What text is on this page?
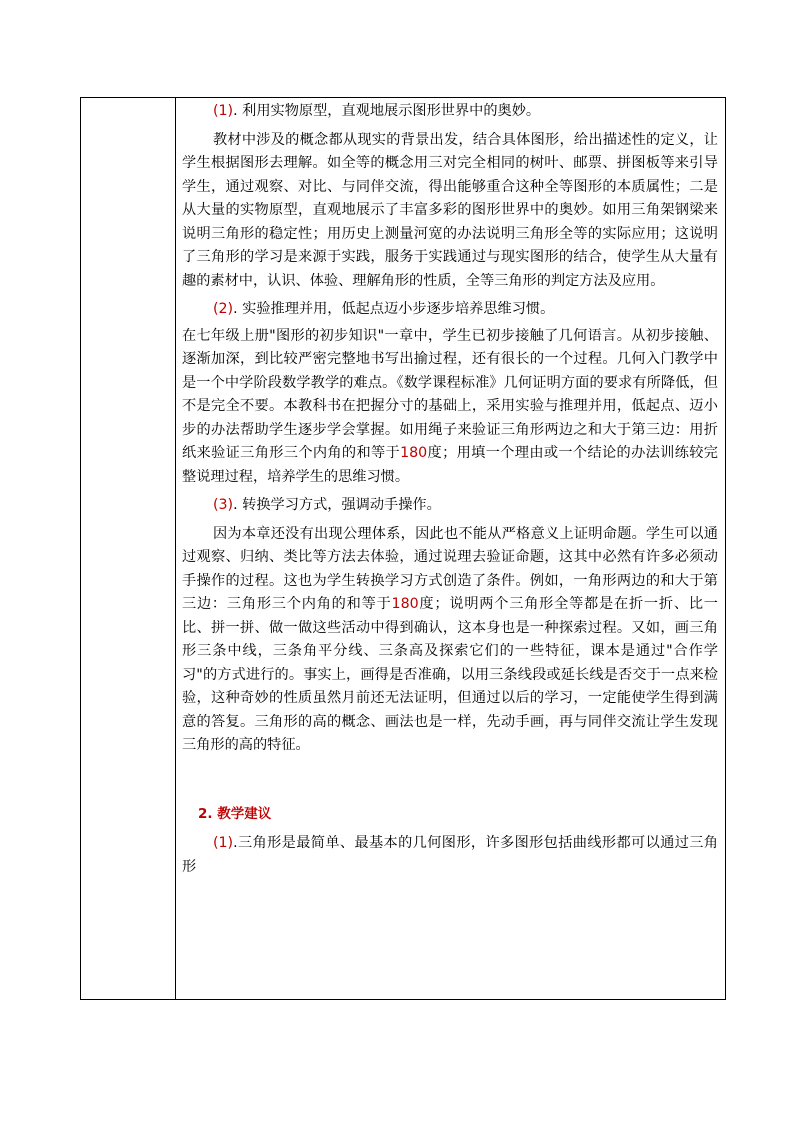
(1). 利用实物原型，直观地展示图形世界中的奥妙。

教材中涉及的概念都从现实的背景出发，结合具体图形，给出描述性的定义，让学生根据图形去理解。如全等的概念用三对完全相同的树叶、邮票、拼图板等来引导学生，通过观察、对比、与同伴交流，得出能够重合这种全等图形的本质属性；二是从大量的实物原型，直观地展示了丰富多彩的图形世界中的奥妙。如用三角架钢梁来说明三角形的稳定性；用历史上测量河宽的办法说明三角形全等的实际应用；这说明了三角形的学习是来源于实践，服务于实践通过与现实图形的结合，使学生从大量有趣的素材中，认识、体验、理解角形的性质，全等三角形的判定方法及应用。

(2). 实验推理并用，低起点迈小步逐步培养思维习惯。

在七年级上册"图形的初步知识"一章中，学生已初步接触了几何语言。从初步接触、逐渐加深，到比较严密完整地书写出揄过程，还有很长的一个过程。几何入门教学中是一个中学阶段数学教学的难点。《数学课程标准》几何证明方面的要求有所降低，但不是完全不要。本教科书在把握分寸的基础上，采用实验与推理并用，低起点、迈小步的办法帮助学生逐步学会掌握。如用绳子来验证三角形两边之和大于第三边：用折纸来验证三角形三个内角的和等于180度；用填一个理由或一个结论的办法训练较完整说理过程，培养学生的思维习惯。

(3). 转换学习方式，强调动手操作。

因为本章还没有出现公理体系，因此也不能从严格意义上证明命题。学生可以通过观察、归纳、类比等方法去体验，通过说理去验证命题，这其中必然有许多必须动手操作的过程。这也为学生转换学习方式创造了条件。例如，一角形两边的和大于第三边：三角形三个内角的和等于180度；说明两个三角形全等都是在折一折、比一比、拼一拼、做一做这些活动中得到确认，这本身也是一种探索过程。又如，画三角形三条中线，三条角平分线、三条高及探索它们的一些特征，课本是通过"合作学习"的方式进行的。事实上，画得是否准确，以用三条线段或延长线是否交于一点来检验，这种奇妙的性质虽然月前还无法证明，但通过以后的学习，一定能使学生得到满意的答复。三角形的高的概念、画法也是一样，先动手画，再与同伴交流让学生发现三角形的高的特征。

2. 教学建议

(1).三角形是最简单、最基本的几何图形，许多图形包括曲线形都可以通过三角形
